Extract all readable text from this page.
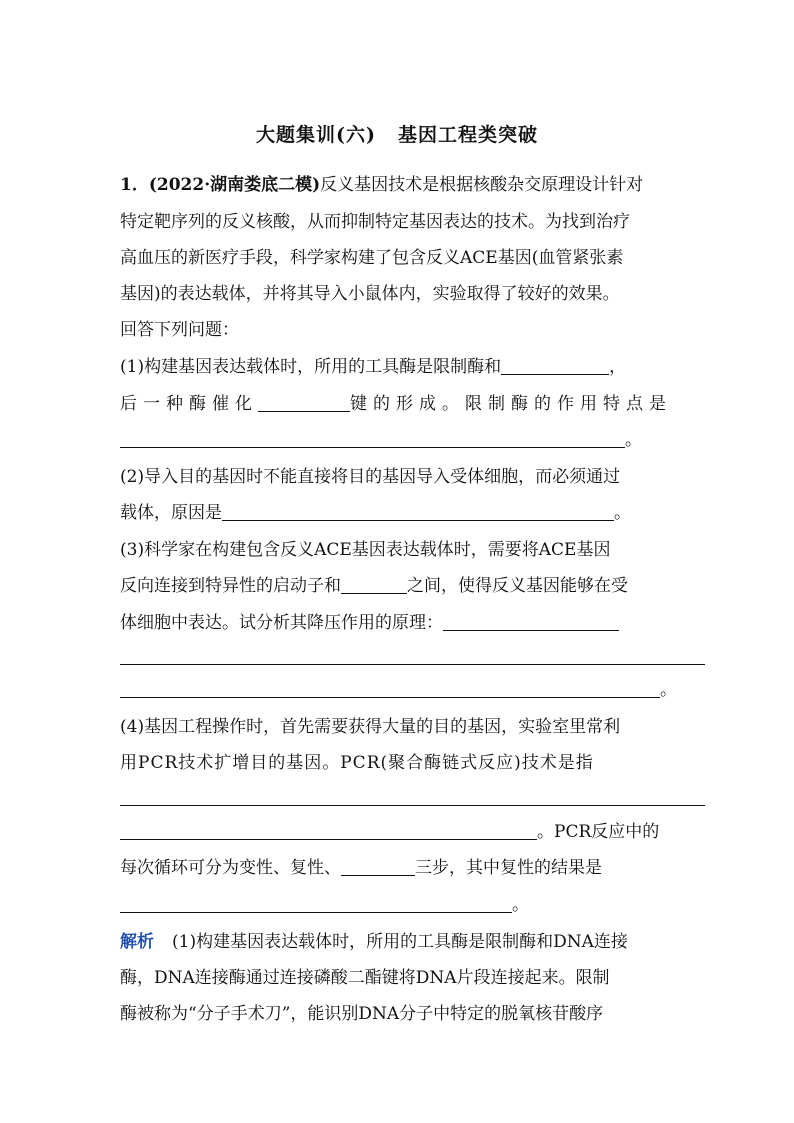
大题集训(六) 基因工程类突破
1．(2022·湖南娄底二模)反义基因技术是根据核酸杂交原理设计针对
特定靶序列的反义核酸，从而抑制特定基因表达的技术。为找到治疗
高血压的新医疗手段，科学家构建了包含反义ACE基因(血管紧张素
基因)的表达载体，并将其导入小鼠体内，实验取得了较好的效果。
回答下列问题：
(1)构建基因表达载体时，所用的工具酶是限制酶和	，
后一种酶催化	键的形成。限制酶的作用特点是
。
(2)导入目的基因时不能直接将目的基因导入受体细胞，而必须通过
载体，原因是	。
(3)科学家在构建包含反义ACE基因表达载体时，需要将ACE基因
反向连接到特异性的启动子和	之间，使得反义基因能够在受
体细胞中表达。试分析其降压作用的原理：
。
(4)基因工程操作时，首先需要获得大量的目的基因，实验室里常利
用PCR技术扩增目的基因。PCR(聚合酶链式反应)技术是指
。PCR反应中的
每次循环可分为变性、复性、	三步，其中复性的结果是
。
解析 (1)构建基因表达载体时，所用的工具酶是限制酶和DNA连接
酶，DNA连接酶通过连接磷酸二酯键将DNA片段连接起来。限制
酶被称为“分子手术刀”，能识别DNA分子中特定的脱氧核苷酸序
